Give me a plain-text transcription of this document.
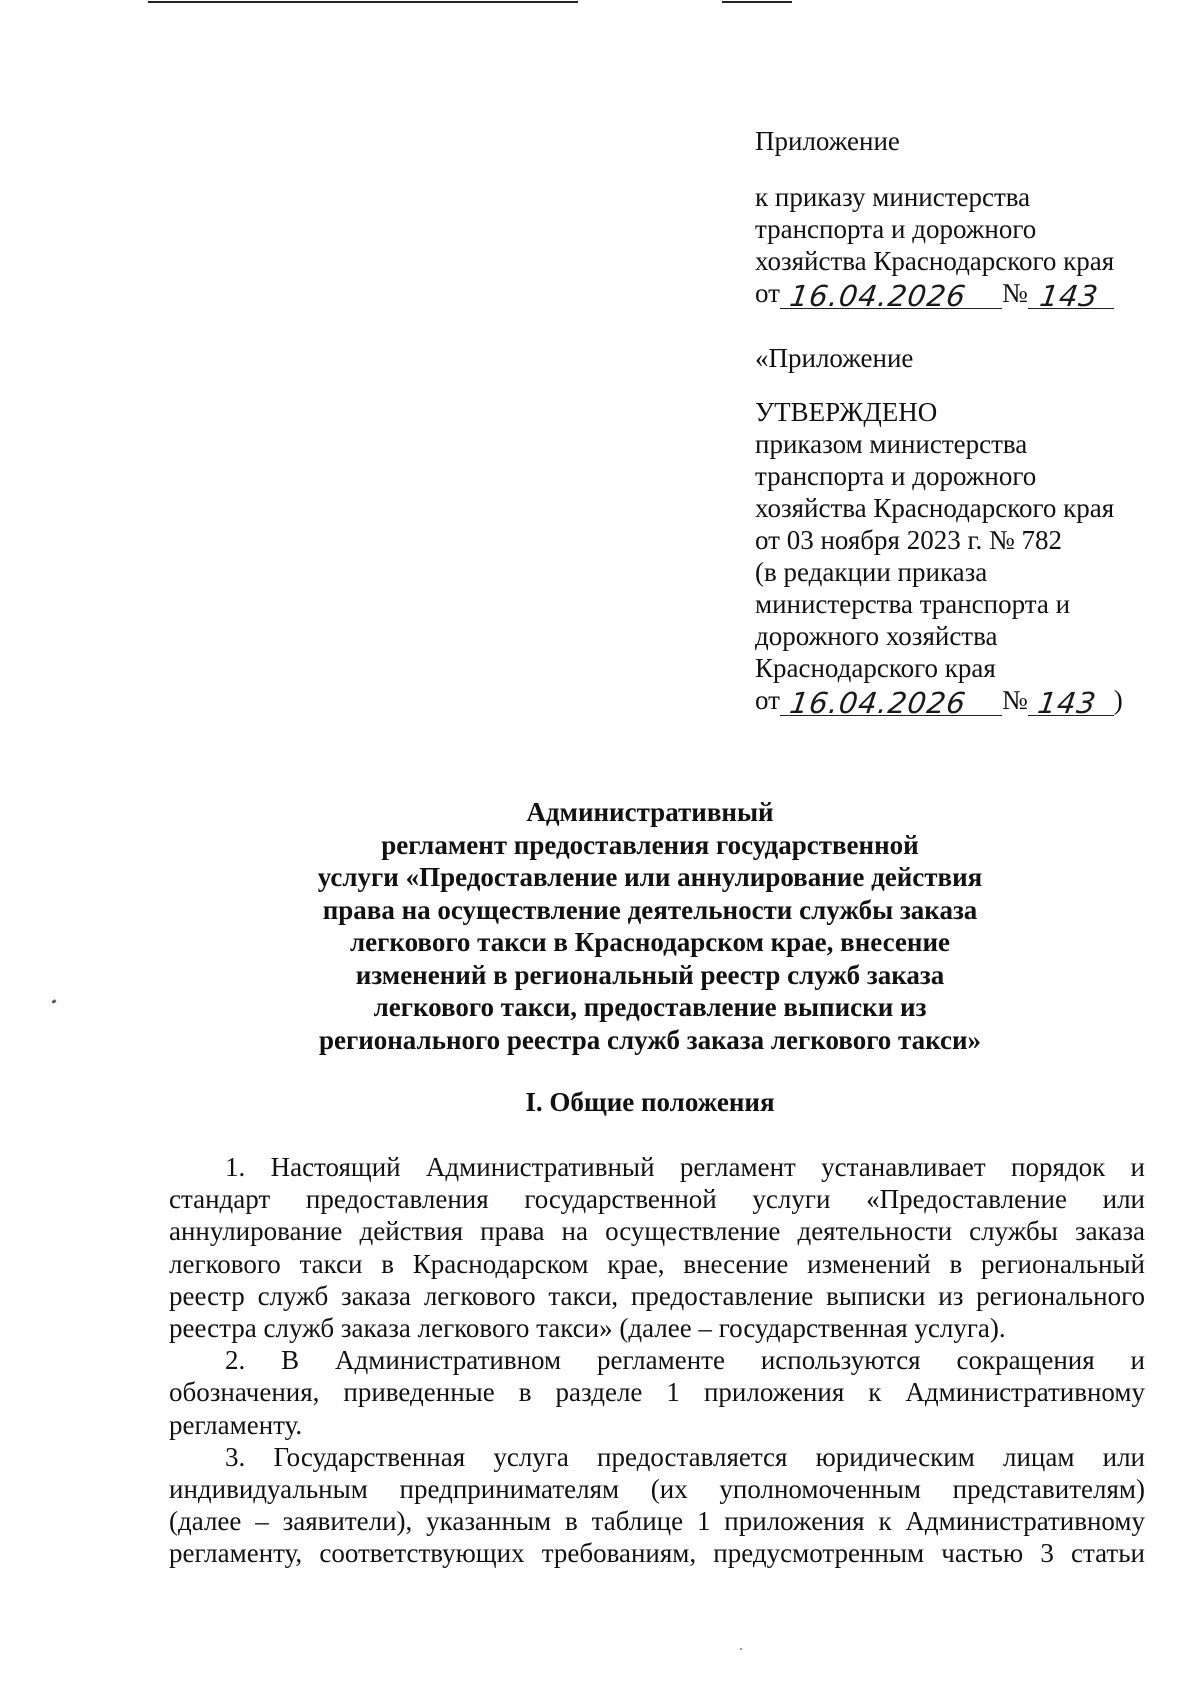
Приложение
к приказу министерства
транспорта и дорожного
хозяйства Краснодарского края
от 16.04.2026 № 143
«Приложение
УТВЕРЖДЕНО
приказом министерства
транспорта и дорожного
хозяйства Краснодарского края
от 03 ноября 2023 г. № 782
(в редакции приказа
министерства транспорта и
дорожного хозяйства
Краснодарского края
от 16.04.2026 № 143 )
Административный
регламент предоставления государственной
услуги «Предоставление или аннулирование действия
права на осуществление деятельности службы заказа
легкового такси в Краснодарском крае, внесение
изменений в региональный реестр служб заказа
легкового такси, предоставление выписки из
регионального реестра служб заказа легкового такси»
I. Общие положения
1. Настоящий Административный регламент устанавливает порядок и
стандарт предоставления государственной услуги «Предоставление или
аннулирование действия права на осуществление деятельности службы заказа
легкового такси в Краснодарском крае, внесение изменений в региональный
реестр служб заказа легкового такси, предоставление выписки из регионального
реестра служб заказа легкового такси» (далее – государственная услуга).
2. В Административном регламенте используются сокращения и
обозначения, приведенные в разделе 1 приложения к Административному
регламенту.
3. Государственная услуга предоставляется юридическим лицам или
индивидуальным предпринимателям (их уполномоченным представителям)
(далее – заявители), указанным в таблице 1 приложения к Административному
регламенту, соответствующих требованиям, предусмотренным частью 3 статьи
